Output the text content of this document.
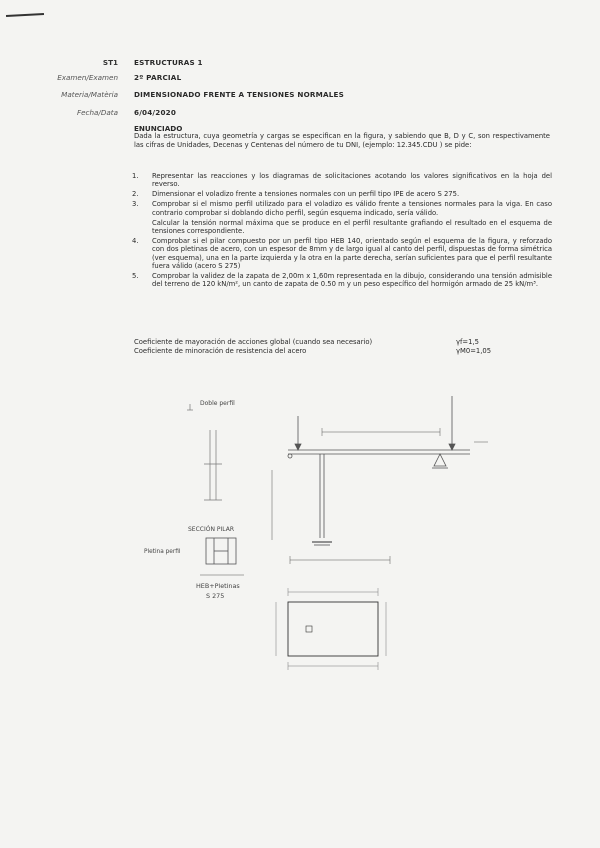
ST1 ESTRUCTURAS 1
Examen/Examen 2º PARCIAL
Materia/Matèria DIMENSIONADO FRENTE A TENSIONES NORMALES
Fecha/Data 6/04/2020
ENUNCIADO
Dada la estructura, cuya geometría y cargas se especifican en la figura, y sabiendo que B, D y C, son respectivamente las cifras de Unidades, Decenas y Centenas del número de tu DNI, (ejemplo: 12.345.CDU ) se pide:
1. Representar las reacciones y los diagramas de solicitaciones acotando los valores significativos en la hoja del reverso.
2. Dimensionar el voladizo frente a tensiones normales con un perfil tipo IPE de acero S 275.
3. Comprobar si el mismo perfil utilizado para el voladizo es válido frente a tensiones normales para la viga. En caso contrario comprobar si doblando dicho perfil, según esquema indicado, sería válido.
Calcular la tensión normal máxima que se produce en el perfil resultante grafiando el resultado en el esquema de tensiones correspondiente.
4. Comprobar si el pilar compuesto por un perfil tipo HEB 140, orientado según el esquema de la figura, y reforzado con dos pletinas de acero, con un espesor de 8mm y de largo igual al canto del perfil, dispuestas de forma simétrica (ver esquema), una en la parte izquierda y la otra en la parte derecha, serían suficientes para que el perfil resultante fuera válido (acero S 275)
5. Comprobar la validez de la zapata de 2,00m x 1,60m representada en la dibujo, considerando una tensión admisible del terreno de 120 kN/m², un canto de zapata de 0.50 m y un peso específico del hormigón armado de 25 kN/m³.
Coeficiente de mayoración de acciones global (cuando sea necesario)	γf=1,5
Coeficiente de minoración de resistencia del acero	γM0=1,05
Doble perfil
SECCIÓN PILAR
Pletina perfil
HEB+Pletinas
S 275
